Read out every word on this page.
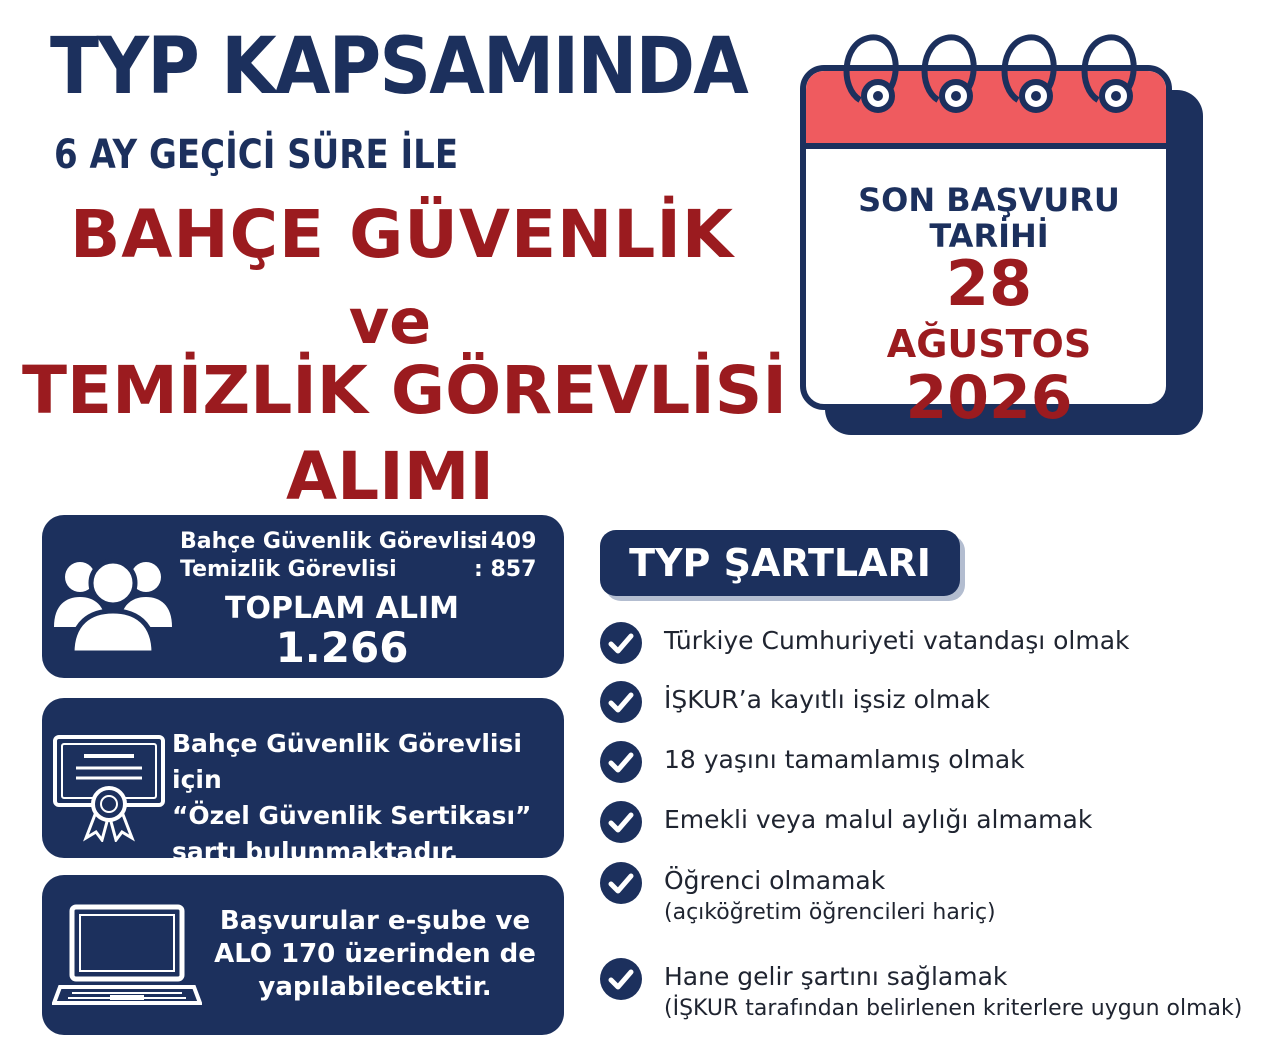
TYP KAPSAMINDA
6 AY GEÇİCİ SÜRE İLE
BAHÇE GÜVENLİK
ve
TEMİZLİK GÖREVLİSİ
ALIMI
SON BAŞVURU
TARİHİ
28
AĞUSTOS
2026
Bahçe Güvenlik Görevlisi
: 409
Temizlik Görevlisi	: 857
TOPLAM ALIM
1.266
Bahçe Güvenlik Görevlisi için
“Özel Güvenlik Sertikası”
şartı bulunmaktadır.
Başvurular e-şube ve
ALO 170 üzerinden de
yapılabilecektir.
TYP ŞARTLARI
Türkiye Cumhuriyeti vatandaşı olmak
İŞKUR’a kayıtlı işsiz olmak
18 yaşını tamamlamış olmak
Emekli veya malul aylığı almamak
Öğrenci olmamak
(açıköğretim öğrencileri hariç)
Hane gelir şartını sağlamak
(İŞKUR tarafından belirlenen kriterlere uygun olmak)
